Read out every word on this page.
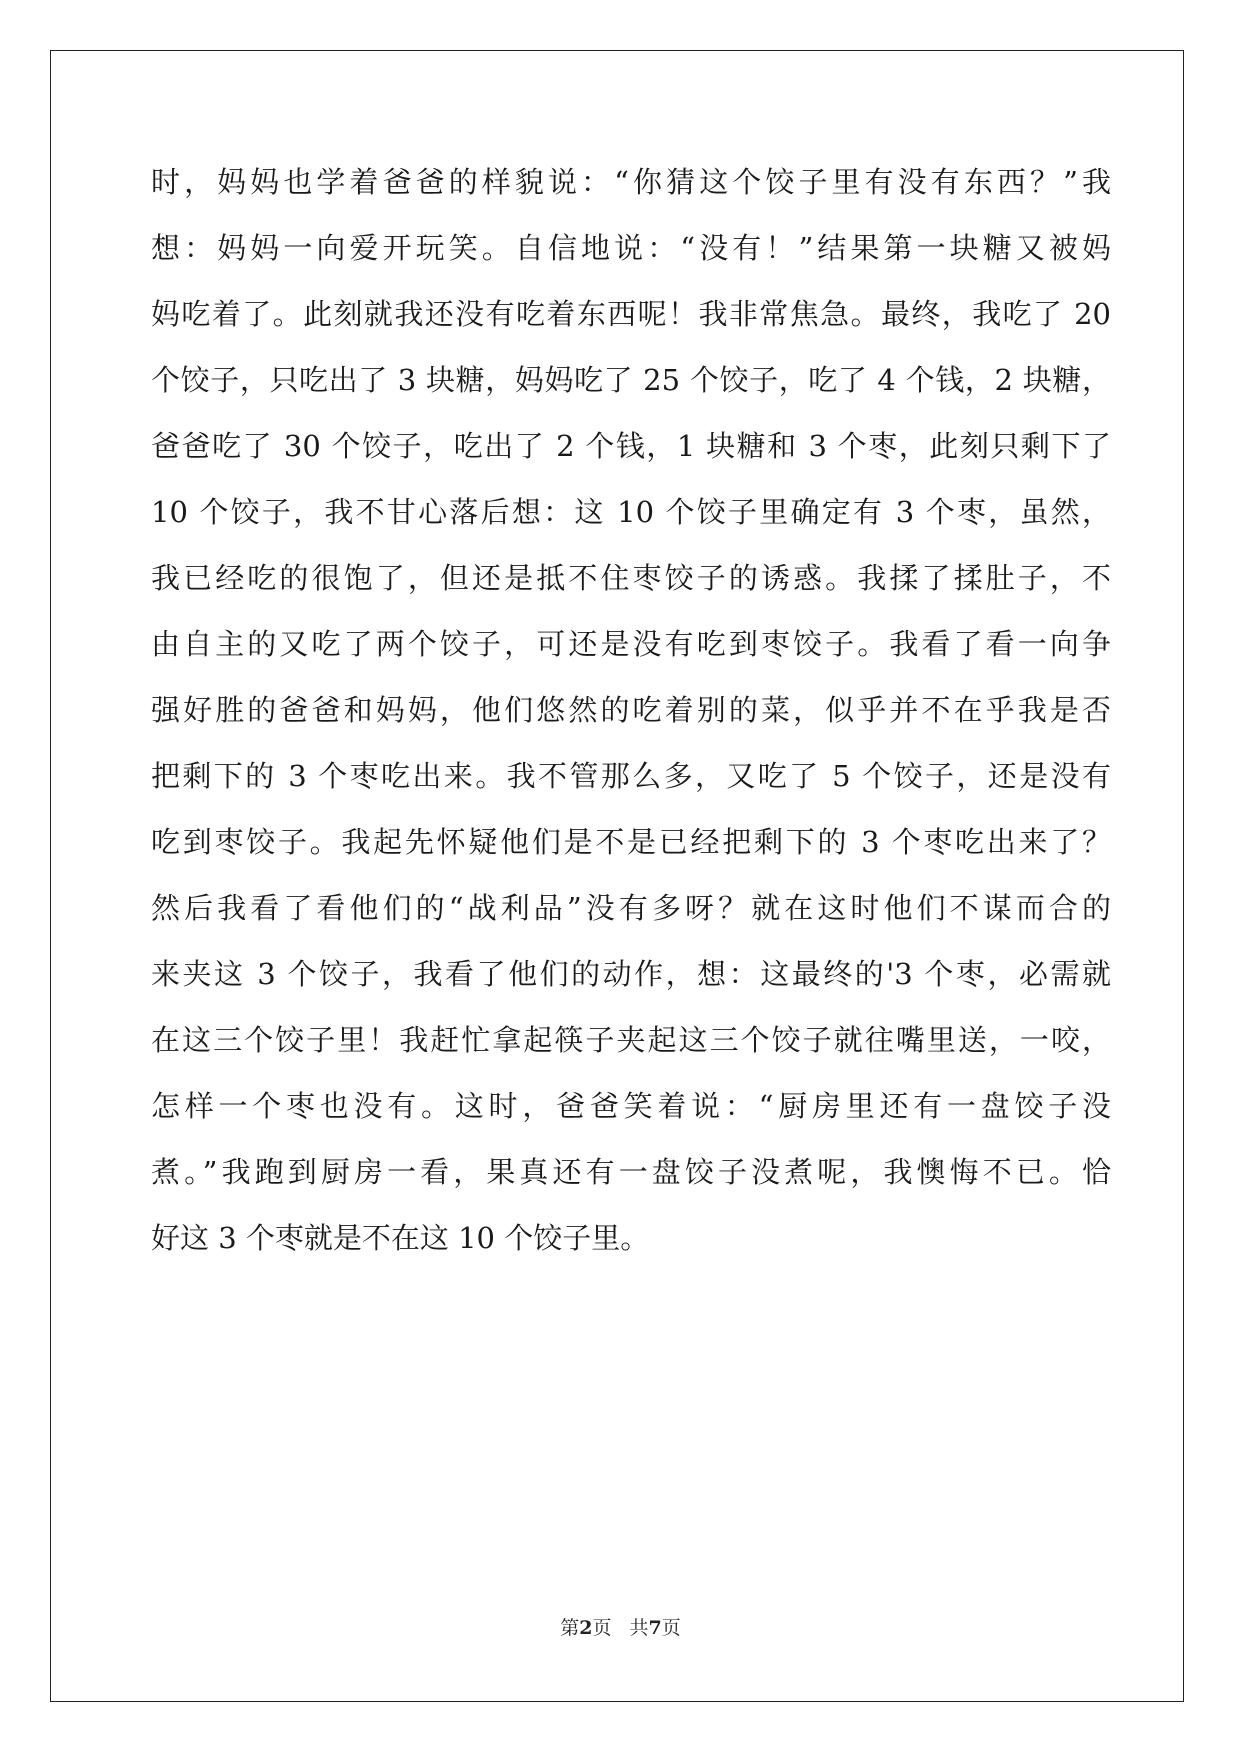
时，妈妈也学着爸爸的样貌说：“你猜这个饺子里有没有东西？”我
想：妈妈一向爱开玩笑。自信地说：“没有！”结果第一块糖又被妈
妈吃着了。此刻就我还没有吃着东西呢！我非常焦急。最终，我吃了 20
个饺子，只吃出了 3 块糖，妈妈吃了 25 个饺子，吃了 4 个钱，2 块糖，
爸爸吃了 30 个饺子，吃出了 2 个钱，1 块糖和 3 个枣，此刻只剩下了
10 个饺子，我不甘心落后想：这 10 个饺子里确定有 3 个枣，虽然，
我已经吃的很饱了，但还是抵不住枣饺子的诱惑。我揉了揉肚子，不
由自主的又吃了两个饺子，可还是没有吃到枣饺子。我看了看一向争
强好胜的爸爸和妈妈，他们悠然的吃着别的菜，似乎并不在乎我是否
把剩下的 3 个枣吃出来。我不管那么多，又吃了 5 个饺子，还是没有
吃到枣饺子。我起先怀疑他们是不是已经把剩下的 3 个枣吃出来了？
然后我看了看他们的“战利品”没有多呀？就在这时他们不谋而合的
来夹这 3 个饺子，我看了他们的动作，想：这最终的'3 个枣，必需就
在这三个饺子里！我赶忙拿起筷子夹起这三个饺子就往嘴里送，一咬，
怎样一个枣也没有。这时，爸爸笑着说：“厨房里还有一盘饺子没
煮。”我跑到厨房一看，果真还有一盘饺子没煮呢，我懊悔不已。恰
好这 3 个枣就是不在这 10 个饺子里。
第2页 共7页
